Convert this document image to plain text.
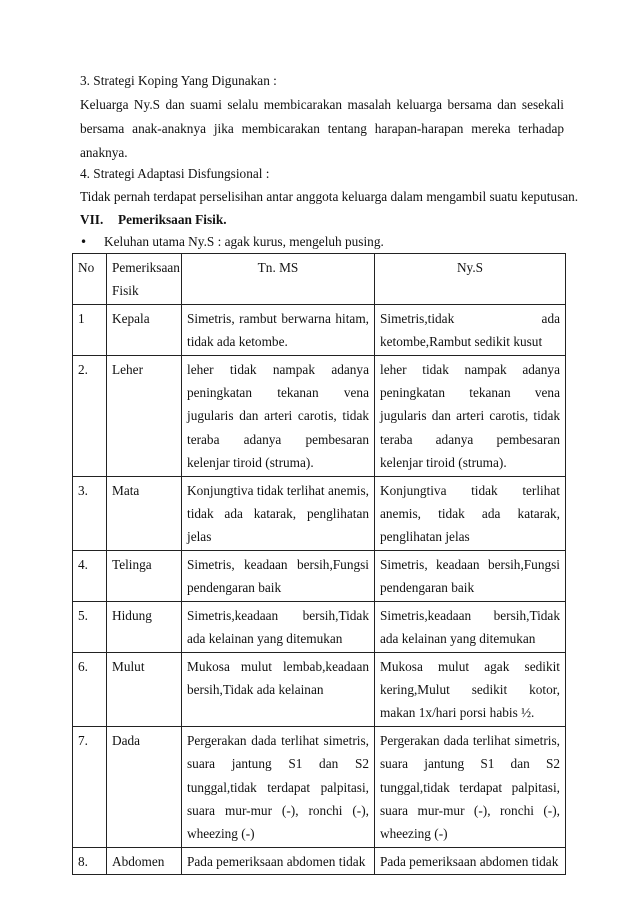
3. Strategi Koping Yang Digunakan :
Keluarga Ny.S dan suami selalu membicarakan masalah keluarga bersama dan sesekali
bersama anak-anaknya jika membicarakan tentang harapan-harapan mereka terhadap
anaknya.
4. Strategi Adaptasi Disfungsional :
Tidak pernah terdapat perselisihan antar anggota keluarga dalam mengambil suatu keputusan.
VII. Pemeriksaan Fisik.
•Keluhan utama Ny.S : agak kurus, mengeluh pusing.
No	Pemeriksaan Fisik	Tn. MS	Ny.S
1	Kepala	Simetris, rambut berwarna hitam, tidak ada ketombe.	Simetris,tidak ada ketombe,Rambut sedikit kusut
2.	Leher	leher tidak nampak adanya peningkatan tekanan vena jugularis dan arteri carotis, tidak teraba adanya pembesaran kelenjar tiroid (struma).	leher tidak nampak adanya peningkatan tekanan vena jugularis dan arteri carotis, tidak teraba adanya pembesaran kelenjar tiroid (struma).
3.	Mata	Konjungtiva tidak terlihat anemis, tidak ada katarak, penglihatan jelas	Konjungtiva tidak terlihat anemis, tidak ada katarak, penglihatan jelas
4.	Telinga	Simetris, keadaan bersih,Fungsi pendengaran baik	Simetris, keadaan bersih,Fungsi pendengaran baik
5.	Hidung	Simetris,keadaan bersih,Tidak ada kelainan yang ditemukan	Simetris,keadaan bersih,Tidak ada kelainan yang ditemukan
6.	Mulut	Mukosa mulut lembab,keadaan bersih,Tidak ada kelainan	Mukosa mulut agak sedikit kering,Mulut sedikit kotor, makan 1x/hari porsi habis ½.
7.	Dada	Pergerakan dada terlihat simetris, suara jantung S1 dan S2 tunggal,tidak terdapat palpitasi, suara mur-mur (-), ronchi (-), wheezing (-)	Pergerakan dada terlihat simetris, suara jantung S1 dan S2 tunggal,tidak terdapat palpitasi, suara mur-mur (-), ronchi (-), wheezing (-)
8.	Abdomen	Pada pemeriksaan abdomen tidak	Pada pemeriksaan abdomen tidak
